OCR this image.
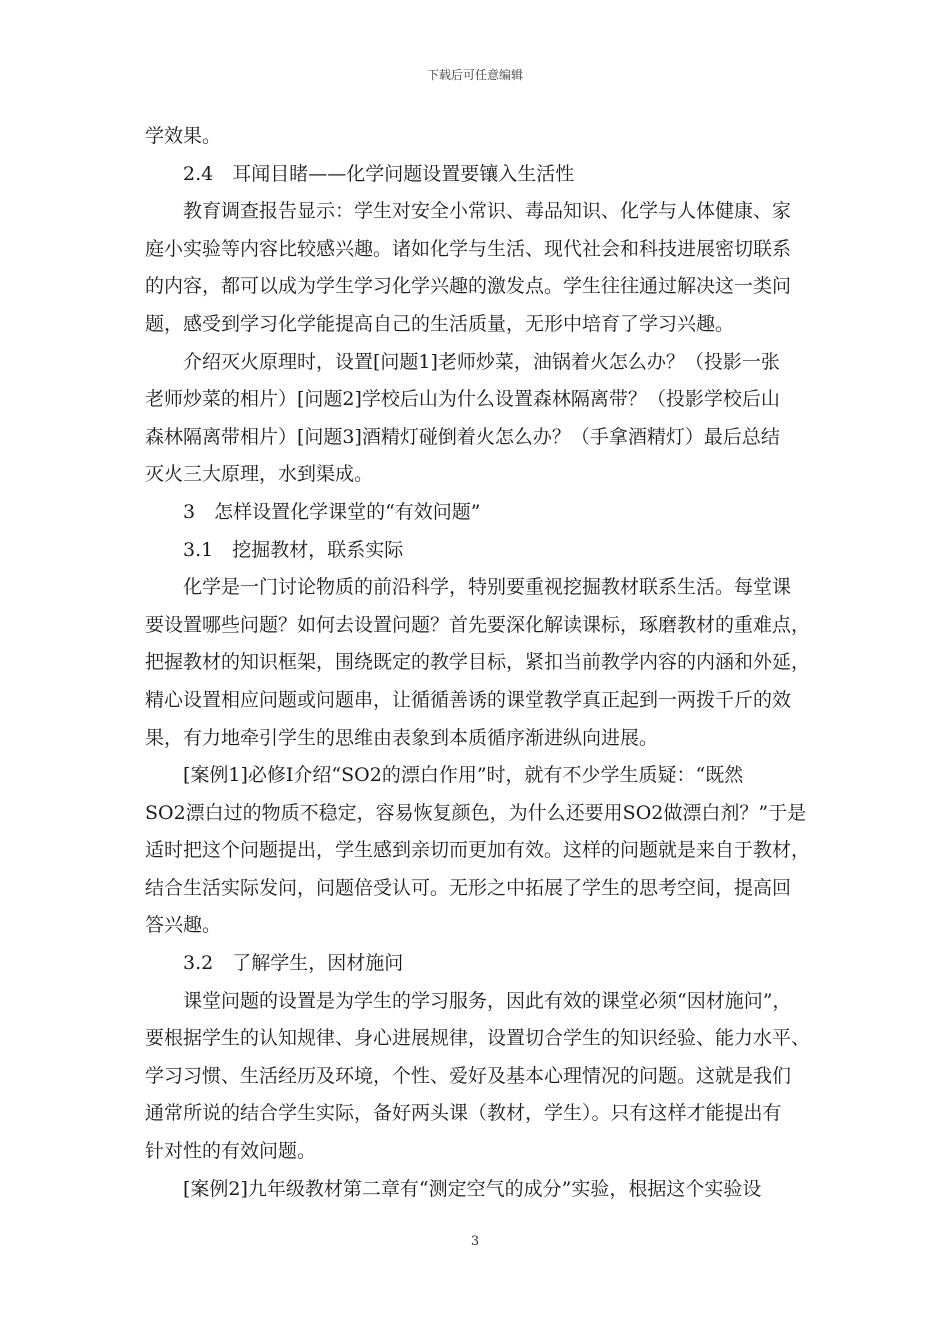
下载后可任意编辑
学效果。
2.4　耳闻目睹——化学问题设置要镶入生活性
教育调查报告显示：学生对安全小常识、毒品知识、化学与人体健康、家
庭小实验等内容比较感兴趣。诸如化学与生活、现代社会和科技进展密切联系
的内容，都可以成为学生学习化学兴趣的激发点。学生往往通过解决这一类问
题，感受到学习化学能提高自己的生活质量，无形中培育了学习兴趣。
介绍灭火原理时，设置[问题1]老师炒菜，油锅着火怎么办？（投影一张
老师炒菜的相片）[问题2]学校后山为什么设置森林隔离带？（投影学校后山
森林隔离带相片）[问题3]酒精灯碰倒着火怎么办？（手拿酒精灯）最后总结
灭火三大原理，水到渠成。
3　怎样设置化学课堂的“有效问题”
3.1　挖掘教材，联系实际
化学是一门讨论物质的前沿科学，特别要重视挖掘教材联系生活。每堂课
要设置哪些问题？如何去设置问题？首先要深化解读课标，琢磨教材的重难点，
把握教材的知识框架，围绕既定的教学目标，紧扣当前教学内容的内涵和外延，
精心设置相应问题或问题串，让循循善诱的课堂教学真正起到一两拨千斤的效
果，有力地牵引学生的思维由表象到本质循序渐进纵向进展。
[案例1]必修Ⅰ介绍“SO2的漂白作用”时，就有不少学生质疑：“既然
SO2漂白过的物质不稳定，容易恢复颜色，为什么还要用SO2做漂白剂？”于是
适时把这个问题提出，学生感到亲切而更加有效。这样的问题就是来自于教材，
结合生活实际发问，问题倍受认可。无形之中拓展了学生的思考空间，提高回
答兴趣。
3.2　了解学生，因材施问
课堂问题的设置是为学生的学习服务，因此有效的课堂必须“因材施问”，
要根据学生的认知规律、身心进展规律，设置切合学生的知识经验、能力水平、
学习习惯、生活经历及环境，个性、爱好及基本心理情况的问题。这就是我们
通常所说的结合学生实际，备好两头课（教材，学生）。只有这样才能提出有
针对性的有效问题。
[案例2]九年级教材第二章有“测定空气的成分”实验，根据这个实验设
3
